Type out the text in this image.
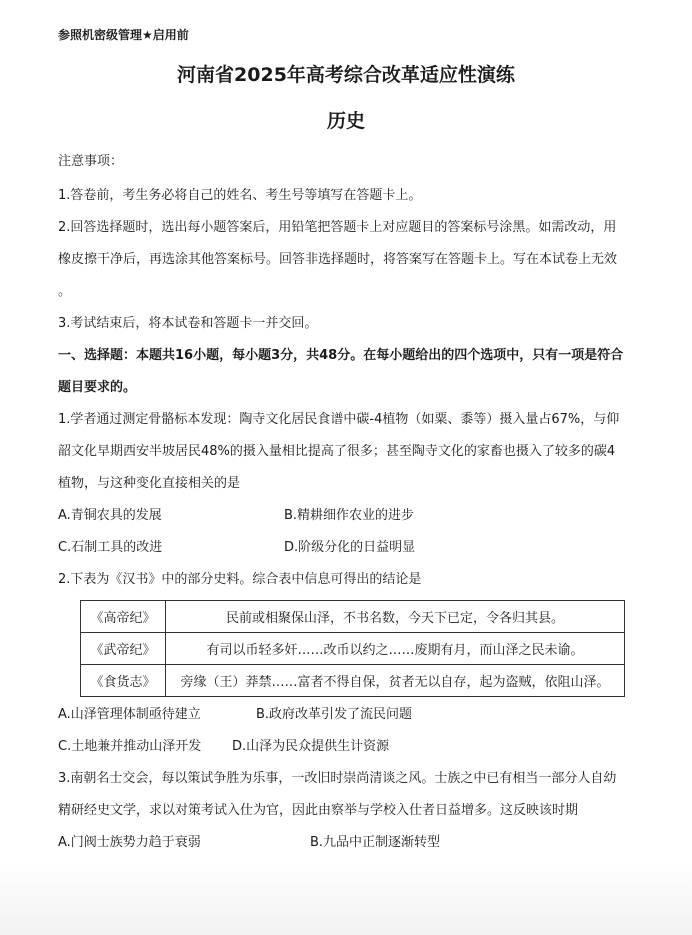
参照机密级管理★启用前

河南省2025年高考综合改革适应性演练
历史
注意事项：

1.答卷前，考生务必将自己的姓名、考生号等填写在答题卡上。

2.回答选择题时，选出每小题答案后，用铅笔把答题卡上对应题目的答案标号涂黑。如需改动，用

橡皮擦干净后，再选涂其他答案标号。回答非选择题时，将答案写在答题卡上。写在本试卷上无效

。

3.考试结束后，将本试卷和答题卡一并交回。

一、选择题：本题共16小题，每小题3分，共48分。在每小题给出的四个选项中，只有一项是符合

题目要求的。

1.学者通过测定骨骼标本发现：陶寺文化居民食谱中碳-4植物（如粟、黍等）摄入量占67%，与仰

韶文化早期西安半坡居民48%的摄入量相比提高了很多；甚至陶寺文化的家畜也摄入了较多的碳4

植物，与这种变化直接相关的是

A.青铜农具的发展	B.精耕细作农业的进步
C.石制工具的改进	D.阶级分化的日益明显

2.下表为《汉书》中的部分史料。综合表中信息可得出的结论是

《高帝纪》	民前或相聚保山泽，不书名数，今天下已定，令各归其县。
《武帝纪》	有司以币轻多奸……改币以约之……废期有月，而山泽之民未谕。
《食货志》	旁缘（王）莽禁……富者不得自保，贫者无以自存，起为盗贼，依阻山泽。
A.山泽管理体制亟待建立	B.政府改革引发了流民问题
C.土地兼并推动山泽开发	D.山泽为民众提供生计资源

3.南朝名士交会，每以策试争胜为乐事，一改旧时崇尚清谈之风。士族之中已有相当一部分人自幼

精研经史文学，求以对策考试入仕为官，因此由察举与学校入仕者日益增多。这反映该时期

A.门阀士族势力趋于衰弱	B.九品中正制逐渐转型
